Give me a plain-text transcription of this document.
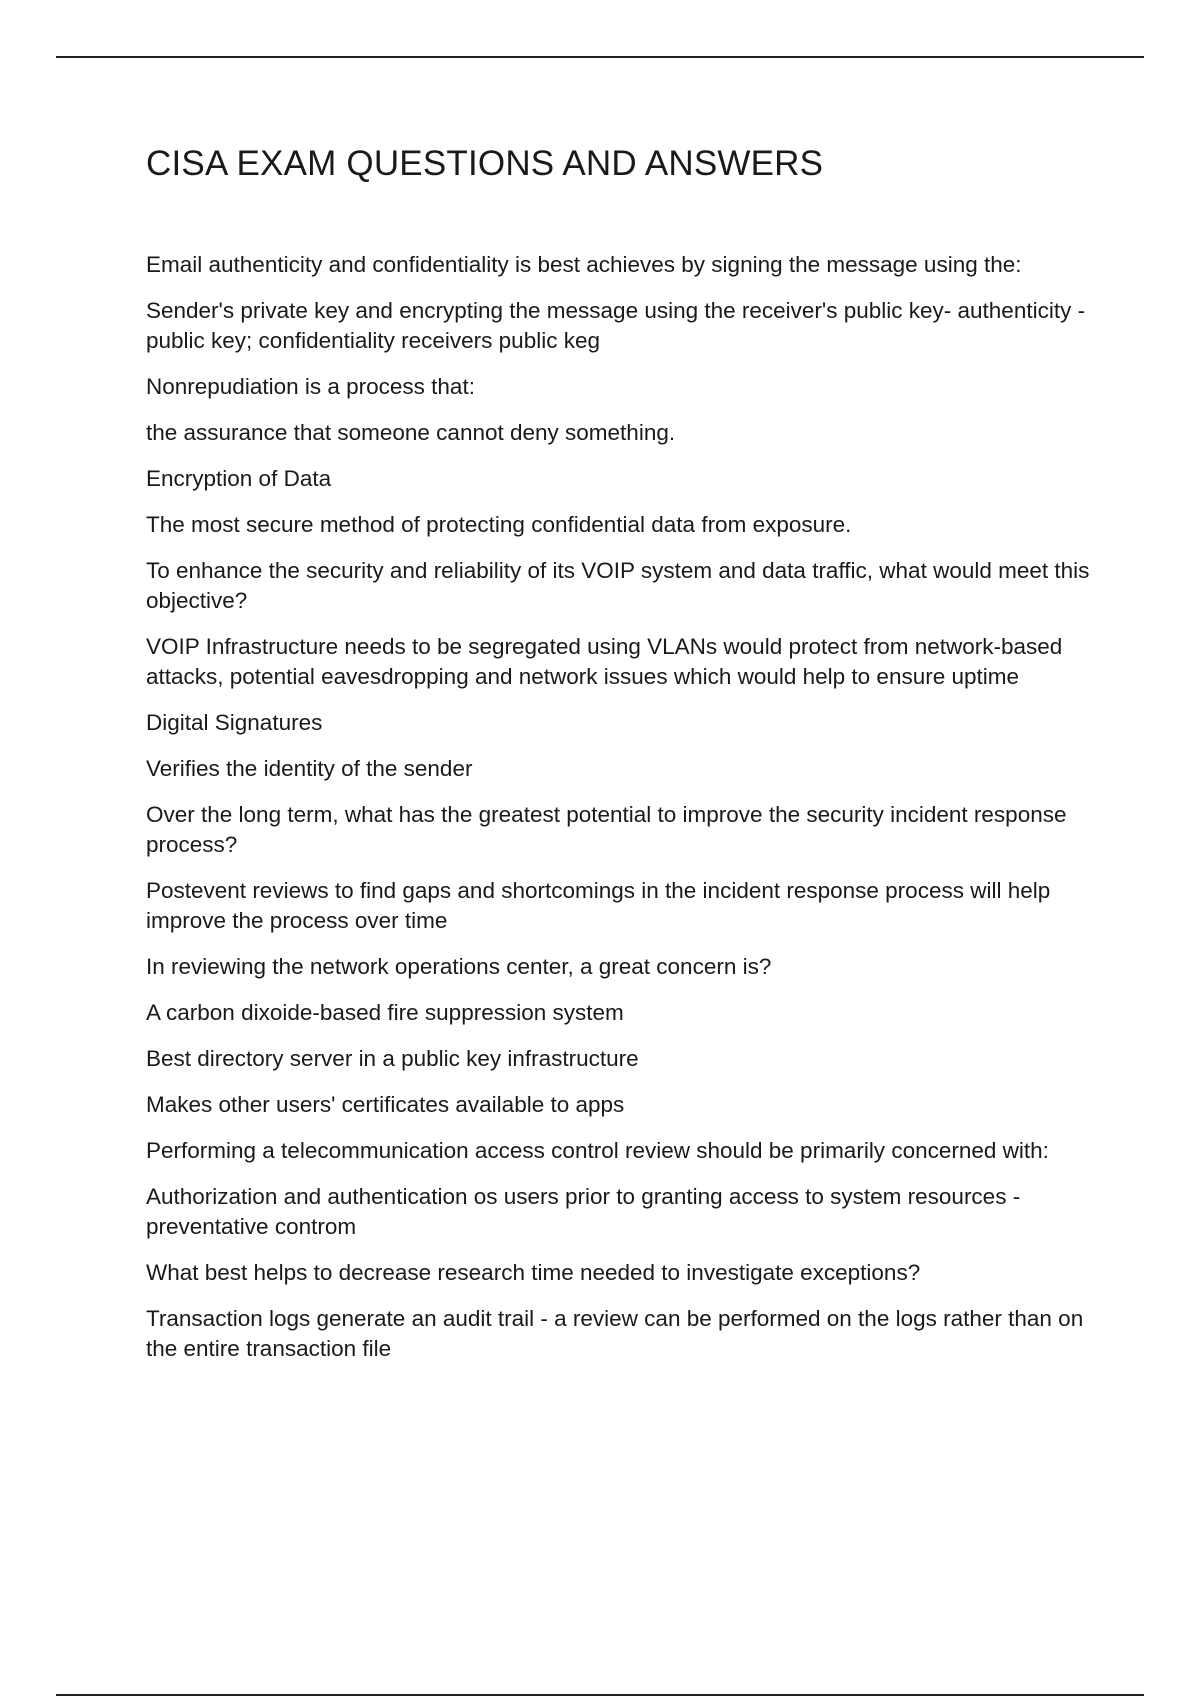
CISA EXAM QUESTIONS AND ANSWERS

Email authenticity and confidentiality is best achieves by signing the message using the:

Sender's private key and encrypting the message using the receiver's public key- authenticity - public key; confidentiality receivers public keg

Nonrepudiation is a process that:

the assurance that someone cannot deny something.

Encryption of Data

The most secure method of protecting confidential data from exposure.

To enhance the security and reliability of its VOIP system and data traffic, what would meet this objective?

VOIP Infrastructure needs to be segregated using VLANs would protect from network-based attacks, potential eavesdropping and network issues which would help to ensure uptime

Digital Signatures

Verifies the identity of the sender

Over the long term, what has the greatest potential to improve the security incident response process?

Postevent reviews to find gaps and shortcomings in the incident response process will help improve the process over time

In reviewing the network operations center, a great concern is?

A carbon dixoide-based fire suppression system

Best directory server in a public key infrastructure

Makes other users' certificates available to apps

Performing a telecommunication access control review should be primarily concerned with:

Authorization and authentication os users prior to granting access to system resources - preventative controm

What best helps to decrease research time needed to investigate exceptions?

Transaction logs generate an audit trail - a review can be performed on the logs rather than on the entire transaction file
